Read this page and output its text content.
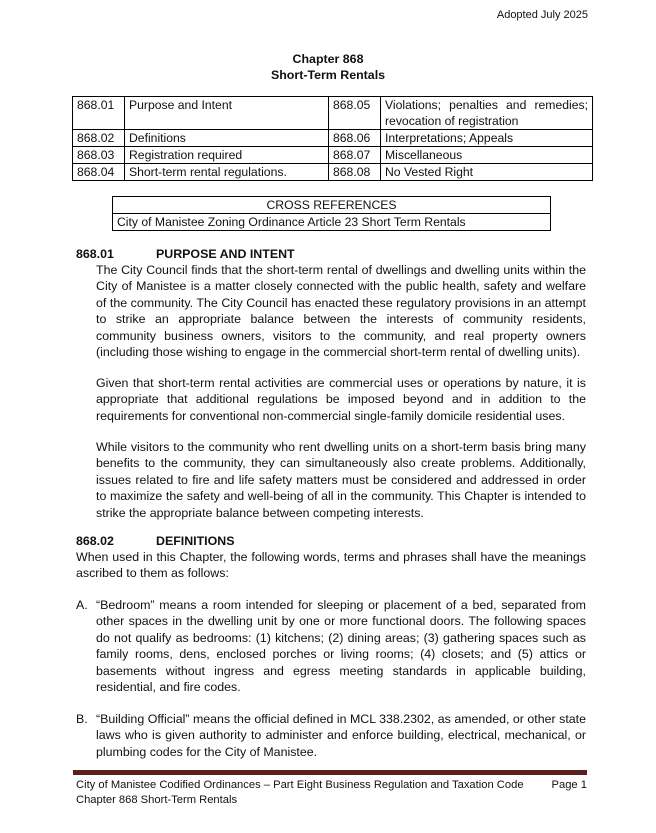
Adopted July 2025
Chapter 868
Short-Term Rentals
868.01	Purpose and Intent	868.05	Violations; penalties and remedies;
revocation of registration
868.02	Definitions	868.06	Interpretations; Appeals
868.03	Registration required	868.07	Miscellaneous
868.04	Short-term rental regulations.	868.08	No Vested Right
CROSS REFERENCES
City of Manistee Zoning Ordinance Article 23 Short Term Rentals
868.01	PURPOSE AND INTENT
The City Council finds that the short-term rental of dwellings and dwelling units within the City of Manistee is a matter closely connected with the public health, safety and welfare of the community. The City Council has enacted these regulatory provisions in an attempt to strike an appropriate balance between the interests of community residents, community business owners, visitors to the community, and real property owners (including those wishing to engage in the commercial short-term rental of dwelling units).
Given that short-term rental activities are commercial uses or operations by nature, it is appropriate that additional regulations be imposed beyond and in addition to the requirements for conventional non-commercial single-family domicile residential uses.
While visitors to the community who rent dwelling units on a short-term basis bring many benefits to the community, they can simultaneously also create problems. Additionally, issues related to fire and life safety matters must be considered and addressed in order to maximize the safety and well-being of all in the community. This Chapter is intended to strike the appropriate balance between competing interests.
868.02	DEFINITIONS
When used in this Chapter, the following words, terms and phrases shall have the meanings ascribed to them as follows:
A. “Bedroom” means a room intended for sleeping or placement of a bed, separated from other spaces in the dwelling unit by one or more functional doors. The following spaces do not qualify as bedrooms: (1) kitchens; (2) dining areas; (3) gathering spaces such as family rooms, dens, enclosed porches or living rooms; (4) closets; and (5) attics or basements without ingress and egress meeting standards in applicable building, residential, and fire codes.
B. “Building Official” means the official defined in MCL 338.2302, as amended, or other state laws who is given authority to administer and enforce building, electrical, mechanical, or plumbing codes for the City of Manistee.
City of Manistee Codified Ordinances – Part Eight Business Regulation and Taxation Code
Chapter 868 Short-Term Rentals
Page 1
